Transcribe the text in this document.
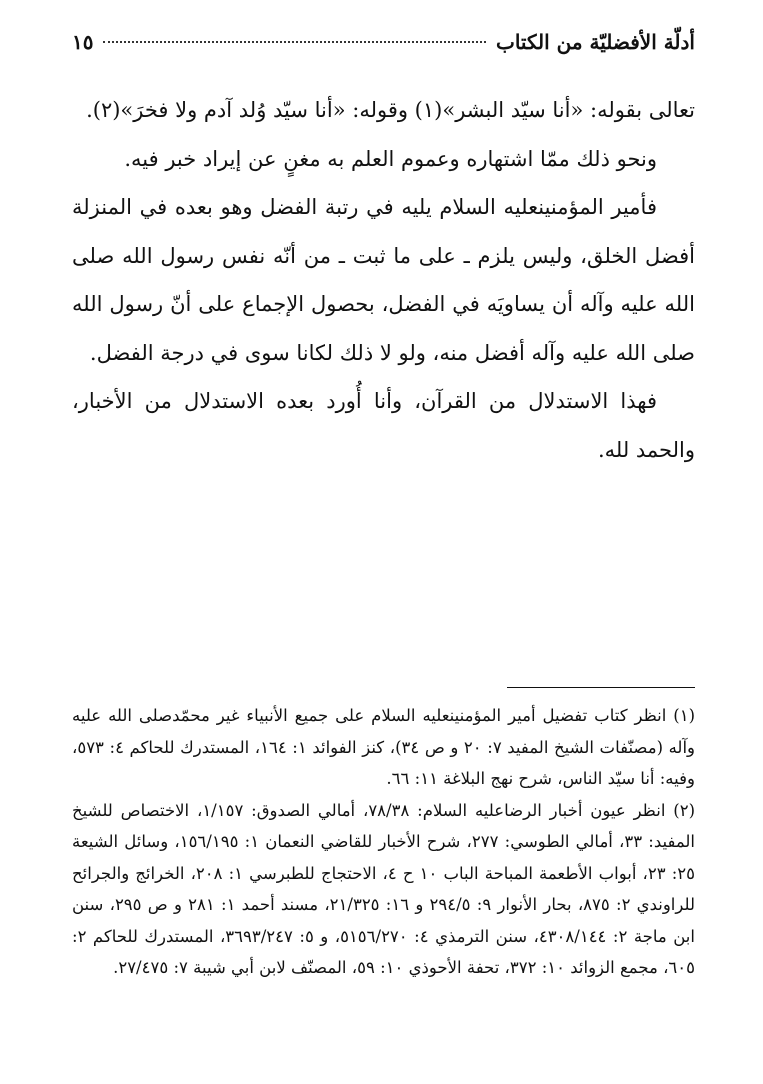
أدلّة الأفضليّة من الكتاب
١٥

تعالى بقوله: «أنا سيّد البشر»(١) وقوله: «أنا سيّد وُلد آدم ولا فخرَ»(٢).

ونحو ذلك ممّا اشتهاره وعموم العلم به مغنٍ عن إيراد خبر فيه.

فأمير المؤمنينعليه السلام يليه في رتبة الفضل وهو بعده في المنزلة أفضل الخلق، وليس يلزم ـ على ما ثبت ـ من أنّه نفس رسول الله صلى الله عليه وآله أن يساويَه في الفضل، بحصول الإجماع على أنّ رسول الله صلى الله عليه وآله أفضل منه، ولو لا ذلك لكانا سوى في درجة الفضل.

فهذا الاستدلال من القرآن، وأنا أُورد بعده الاستدلال من الأخبار، والحمد لله.

(١) انظر كتاب تفضيل أمير المؤمنينعليه السلام على جميع الأنبياء غير محمّدصلى الله عليه وآله (مصنّفات الشيخ المفيد ٧: ٢٠ و ص ٣٤)، كنز الفوائد ١: ١٦٤، المستدرك للحاكم ٤: ٥٧٣، وفيه: أنا سيّد الناس، شرح نهج البلاغة ١١: ٦٦.

(٢) انظر عيون أخبار الرضاعليه السلام: ٧٨/٣٨، أمالي الصدوق: ١/١٥٧، الاختصاص للشيخ المفيد: ٣٣، أمالي الطوسي: ٢٧٧، شرح الأخبار للقاضي النعمان ١: ١٥٦/١٩٥، وسائل الشيعة ٢٥: ٢٣، أبواب الأطعمة المباحة الباب ١٠ ح ٤، الاحتجاج للطبرسي ١: ٢٠٨، الخرائج والجرائح للراوندي ٢: ٨٧٥، بحار الأنوار ٩: ٢٩٤/٥ و ١٦: ٢١/٣٢٥، مسند أحمد ١: ٢٨١ و ص ٢٩٥، سنن ابن ماجة ٢: ٤٣٠٨/١٤٤، سنن الترمذي ٤: ٥١٥٦/٢٧٠، و ٥: ٣٦٩٣/٢٤٧، المستدرك للحاكم ٢: ٦٠٥، مجمع الزوائد ١٠: ٣٧٢، تحفة الأحوذي ١٠: ٥٩، المصنّف لابن أبي شيبة ٧: ٢٧/٤٧٥.
